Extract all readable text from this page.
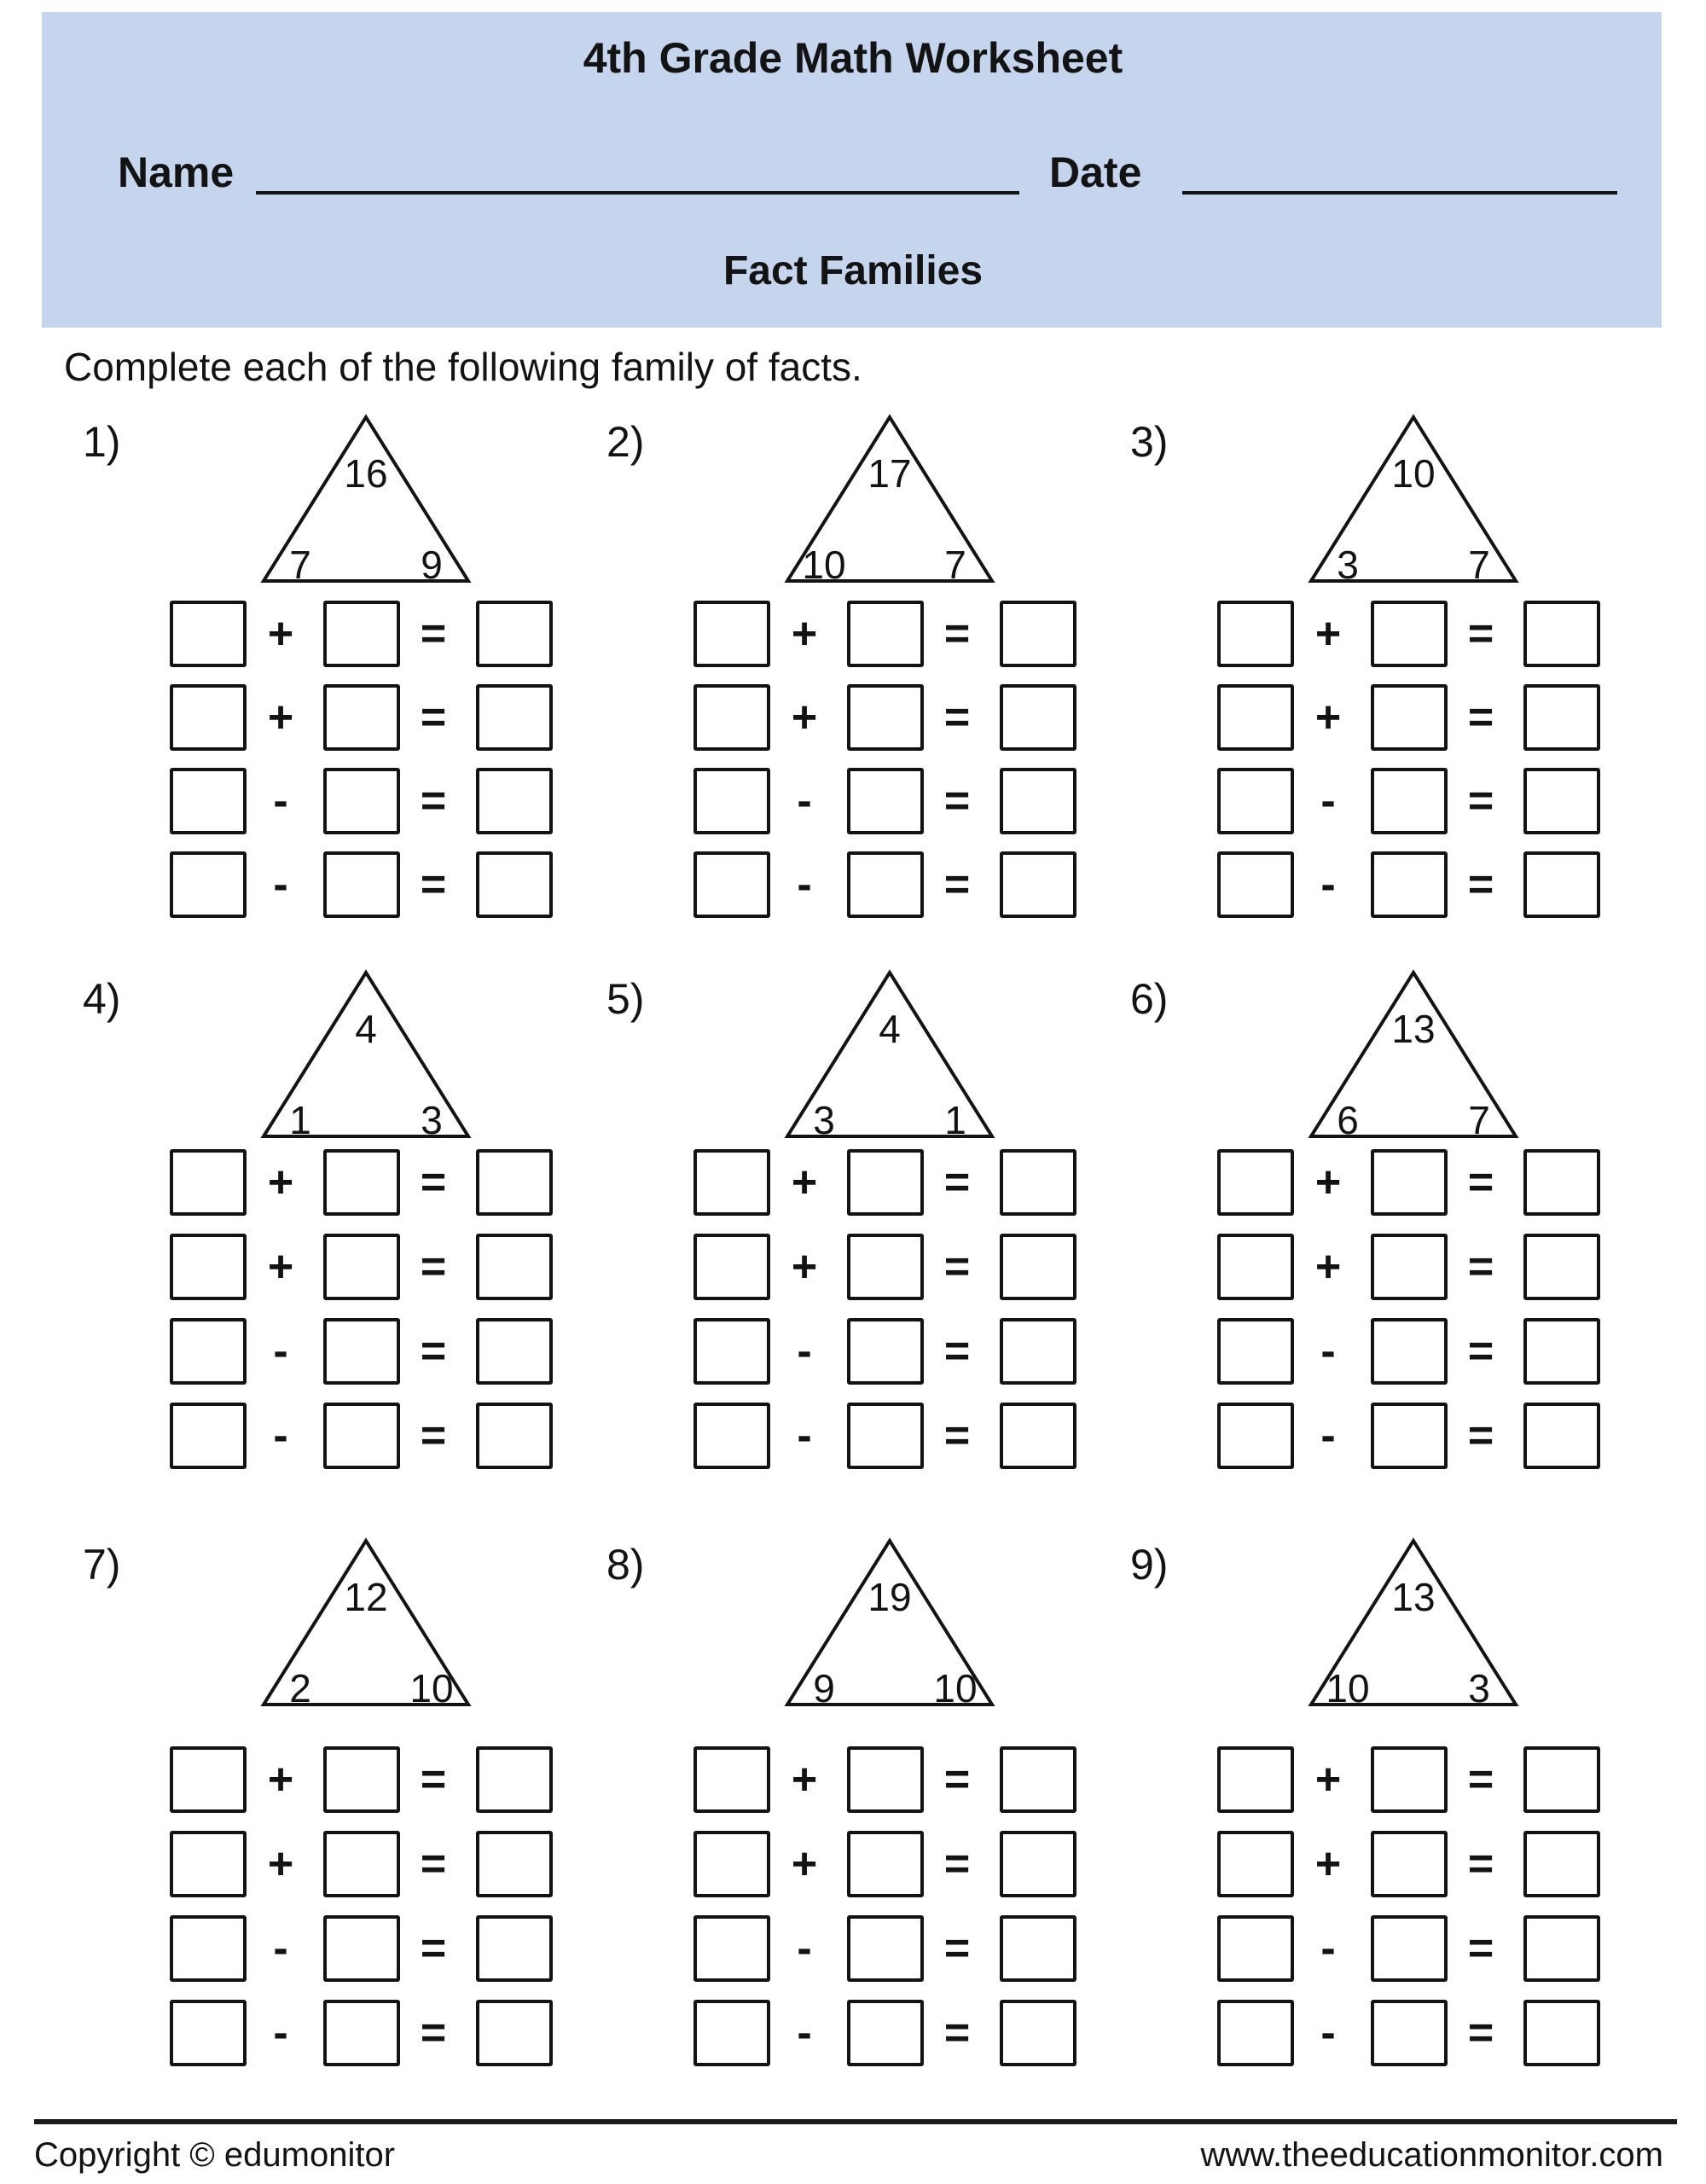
4th Grade Math Worksheet
Name	Date
Fact Families
Complete each of the following family of facts.
1)
16
7	9
+	=
+	=
-	=
-	=
2)
17
10	7
+	=
+	=
-	=
-	=
3)
10
3	7
+	=
+	=
-	=
-	=
4)
4
1	3
+	=
+	=
-	=
-	=
5)
4
3	1
+	=
+	=
-	=
-	=
6)
13
6	7
+	=
+	=
-	=
-	=
7)
12
2	10
+	=
+	=
-	=
-	=
8)
19
9	10
+	=
+	=
-	=
-	=
9)
13
10	3
+	=
+	=
-	=
-	=
Copyright © edumonitor	www.theeducationmonitor.com
